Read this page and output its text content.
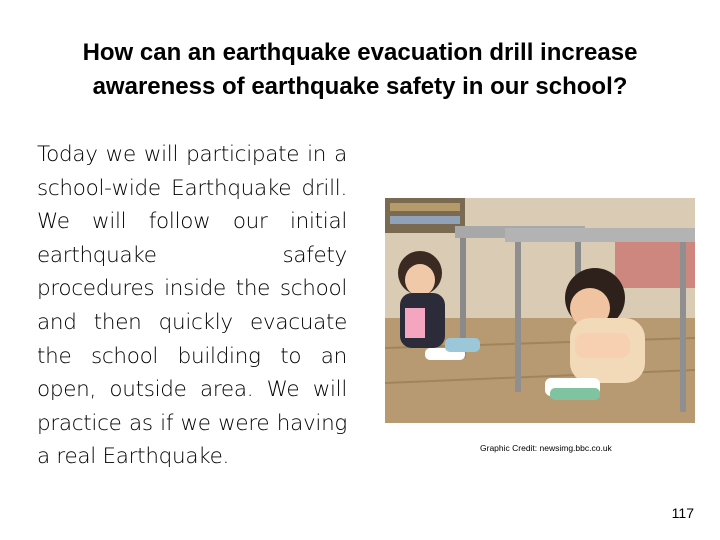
How can an earthquake evacuation drill increase awareness of earthquake safety in our school?
Today we will participate in a school-wide Earthquake drill. We will follow our initial earthquake safety procedures inside the school and then quickly evacuate the school building to an open, outside area. We will practice as if we were having a real Earthquake.	Graphic Credit: newsimg.bbc.co.uk
117
